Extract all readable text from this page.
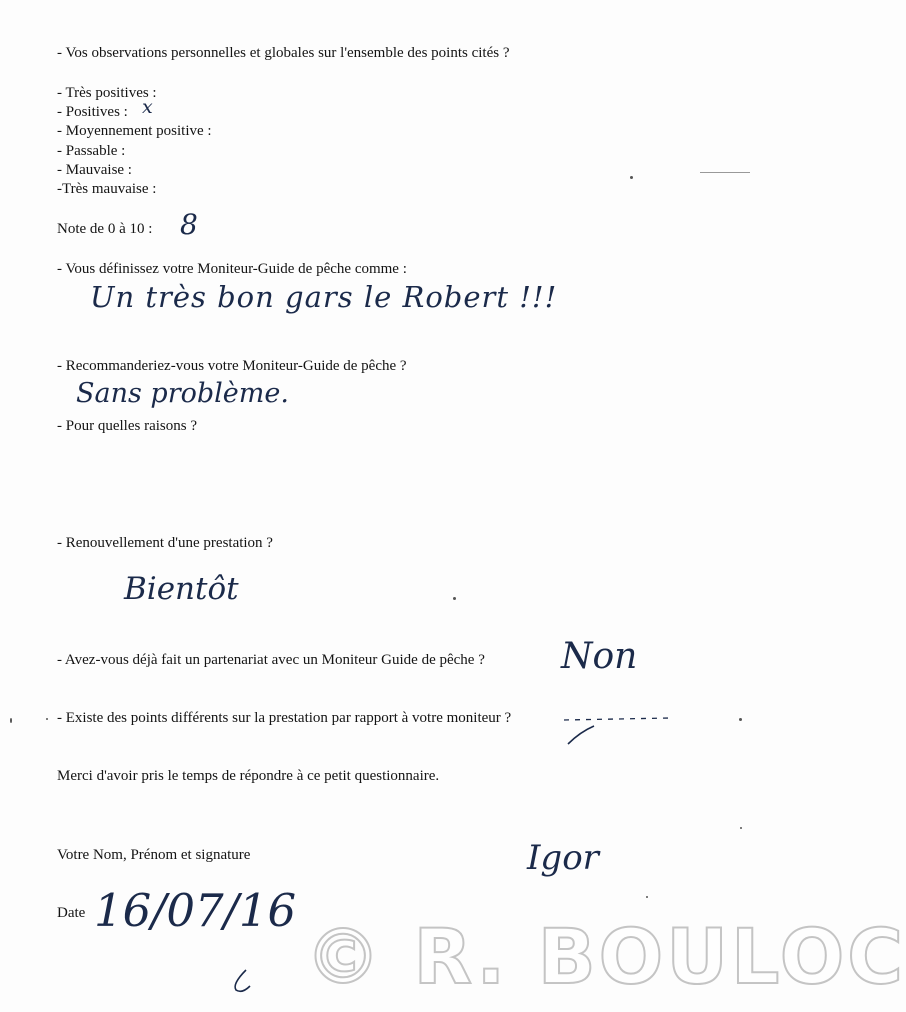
- Vos observations personnelles et globales sur l'ensemble des points cités ?
- Très positives :
- Positives : x
- Moyennement positive :
- Passable :
- Mauvaise :
-Très mauvaise :
Note de 0 à 10 : 8
- Vous définissez votre Moniteur-Guide de pêche comme :
Un très bon gars le Robert !!!
- Recommanderiez-vous votre Moniteur-Guide de pêche ?
Sans problème.
- Pour quelles raisons ?
- Renouvellement d'une prestation ?
Bientôt
- Avez-vous déjà fait un partenariat avec un Moniteur Guide de pêche ? Non
- Existe des points différents sur la prestation par rapport à votre moniteur ?
Merci d'avoir pris le temps de répondre à ce petit questionnaire.
Votre Nom, Prénom et signature	Igor
Date 16/07/16
© R. BOULOC
